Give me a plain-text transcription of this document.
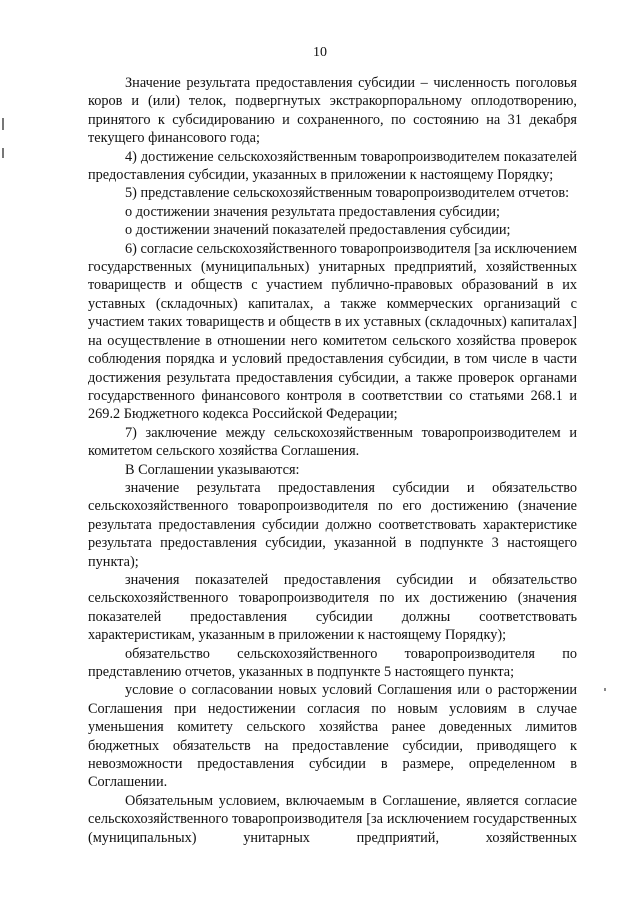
10

Значение результата предоставления субсидии – численность поголовья коров и (или) телок, подвергнутых экстракорпоральному оплодотворению, принятого к субсидированию и сохраненного, по состоянию на 31 декабря текущего финансового года;

4) достижение сельскохозяйственным товаропроизводителем показателей предоставления субсидии, указанных в приложении к настоящему Порядку;

5) представление сельскохозяйственным товаропроизводителем отчетов:

о достижении значения результата предоставления субсидии;

о достижении значений показателей предоставления субсидии;

6) согласие сельскохозяйственного товаропроизводителя [за исключением государственных (муниципальных) унитарных предприятий, хозяйственных товариществ и обществ с участием публично-правовых образований в их уставных (складочных) капиталах, а также коммерческих организаций с участием таких товариществ и обществ в их уставных (складочных) капиталах] на осуществление в отношении него комитетом сельского хозяйства проверок соблюдения порядка и условий предоставления субсидии, в том числе в части достижения результата предоставления субсидии, а также проверок органами государственного финансового контроля в соответствии со статьями 268.1 и 269.2 Бюджетного кодекса Российской Федерации;

7) заключение между сельскохозяйственным товаропроизводителем и комитетом сельского хозяйства Соглашения.

В Соглашении указываются:

значение результата предоставления субсидии и обязательство сельскохозяйственного товаропроизводителя по его достижению (значение результата предоставления субсидии должно соответствовать характеристике результата предоставления субсидии, указанной в подпункте 3 настоящего пункта);

значения показателей предоставления субсидии и обязательство сельскохозяйственного товаропроизводителя по их достижению (значения показателей предоставления субсидии должны соответствовать характеристикам, указанным в приложении к настоящему Порядку);

обязательство сельскохозяйственного товаропроизводителя по представлению отчетов, указанных в подпункте 5 настоящего пункта;

условие о согласовании новых условий Соглашения или о расторжении Соглашения при недостижении согласия по новым условиям в случае уменьшения комитету сельского хозяйства ранее доведенных лимитов бюджетных обязательств на предоставление субсидии, приводящего к невозможности предоставления субсидии в размере, определенном в Соглашении.

Обязательным условием, включаемым в Соглашение, является согласие сельскохозяйственного товаропроизводителя [за исключением государственных (муниципальных) унитарных предприятий, хозяйственных
